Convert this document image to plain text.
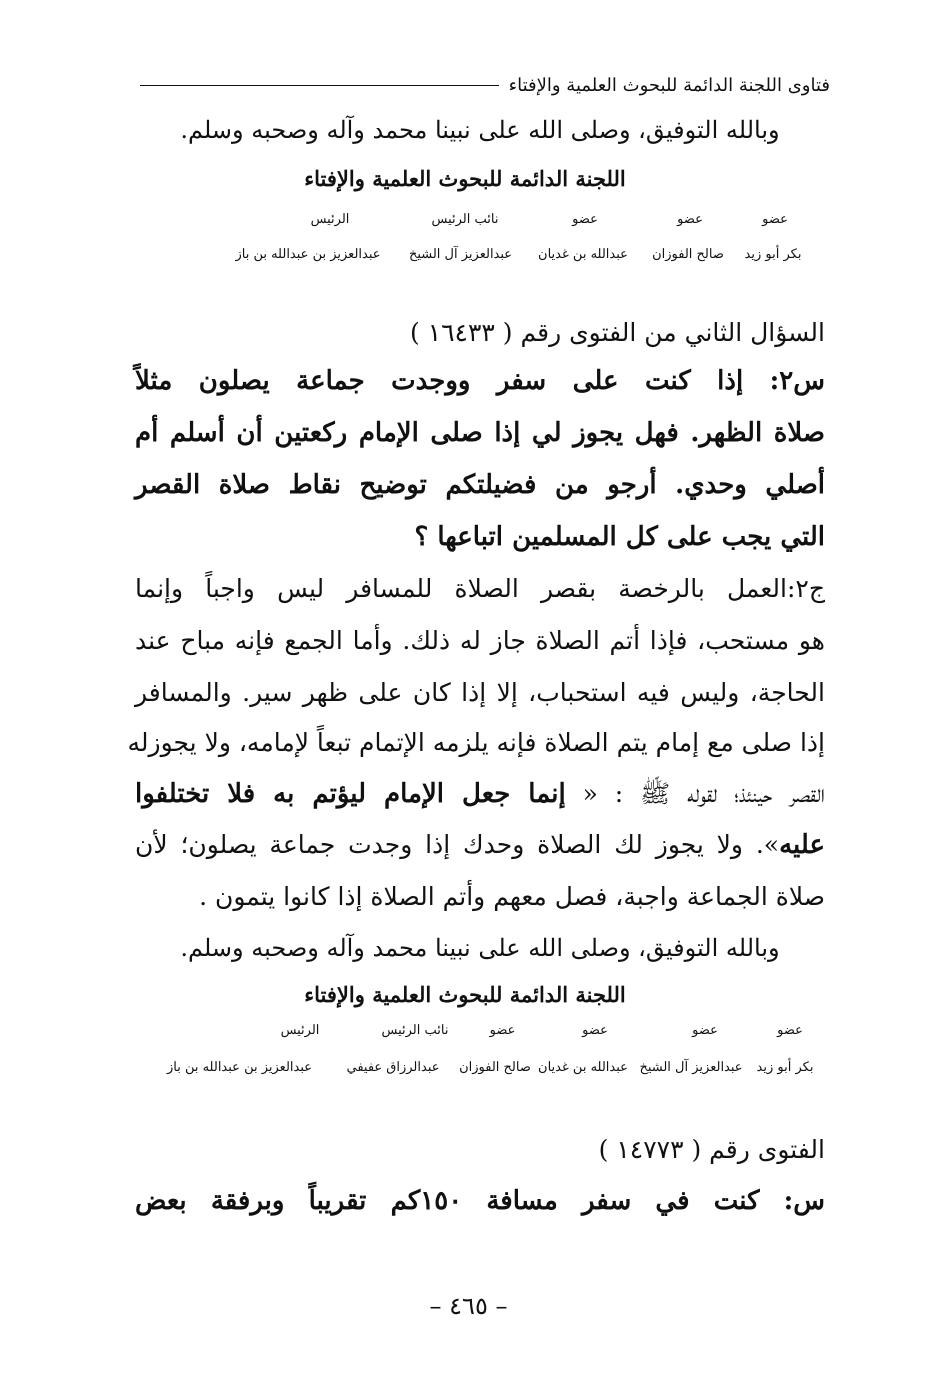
فتاوى اللجنة الدائمة للبحوث العلمية والإفتاء
وبالله التوفيق، وصلى الله على نبينا محمد وآله وصحبه وسلم.
اللجنة الدائمة للبحوث العلمية والإفتاء
عضو
عضو
عضو
نائب الرئيس
الرئيس
بكر أبو زيد
صالح الفوزان
عبدالله بن غديان
عبدالعزيز آل الشيخ
عبدالعزيز بن عبدالله بن باز
السؤال الثاني من الفتوى رقم ( ١٦٤٣٣ )
س٢: إذا كنت على سفر ووجدت جماعة يصلون مثلاً
صلاة الظهر. فهل يجوز لي إذا صلى الإمام ركعتين أن أسلم أم
أصلي وحدي. أرجو من فضيلتكم توضيح نقاط صلاة القصر
التي يجب على كل المسلمين اتباعها ؟
ج٢:العمل بالرخصة بقصر الصلاة للمسافر ليس واجباً وإنما
هو مستحب، فإذا أتم الصلاة جاز له ذلك. وأما الجمع فإنه مباح عند
الحاجة، وليس فيه استحباب، إلا إذا كان على ظهر سير. والمسافر
إذا صلى مع إمام يتم الصلاة فإنه يلزمه الإتمام تبعاً لإمامه، ولا يجوزله
القصر حينئذ؛ لقوله ﷺ : « إنما جعل الإمام ليؤتم به فلا تختلفوا
عليه». ولا يجوز لك الصلاة وحدك إذا وجدت جماعة يصلون؛ لأن
صلاة الجماعة واجبة، فصل معهم وأتم الصلاة إذا كانوا يتمون .
وبالله التوفيق، وصلى الله على نبينا محمد وآله وصحبه وسلم.
اللجنة الدائمة للبحوث العلمية والإفتاء
عضو
عضو
عضو
عضو
نائب الرئيس
الرئيس
بكر أبو زيد
عبدالعزيز آل الشيخ
عبدالله بن غديان
صالح الفوزان
عبدالرزاق عفيفي
عبدالعزيز بن عبدالله بن باز
الفتوى رقم ( ١٤٧٧٣ )
س: كنت في سفر مسافة ١٥٠كم تقريباً وبرفقة بعض
– ٤٦٥ –
